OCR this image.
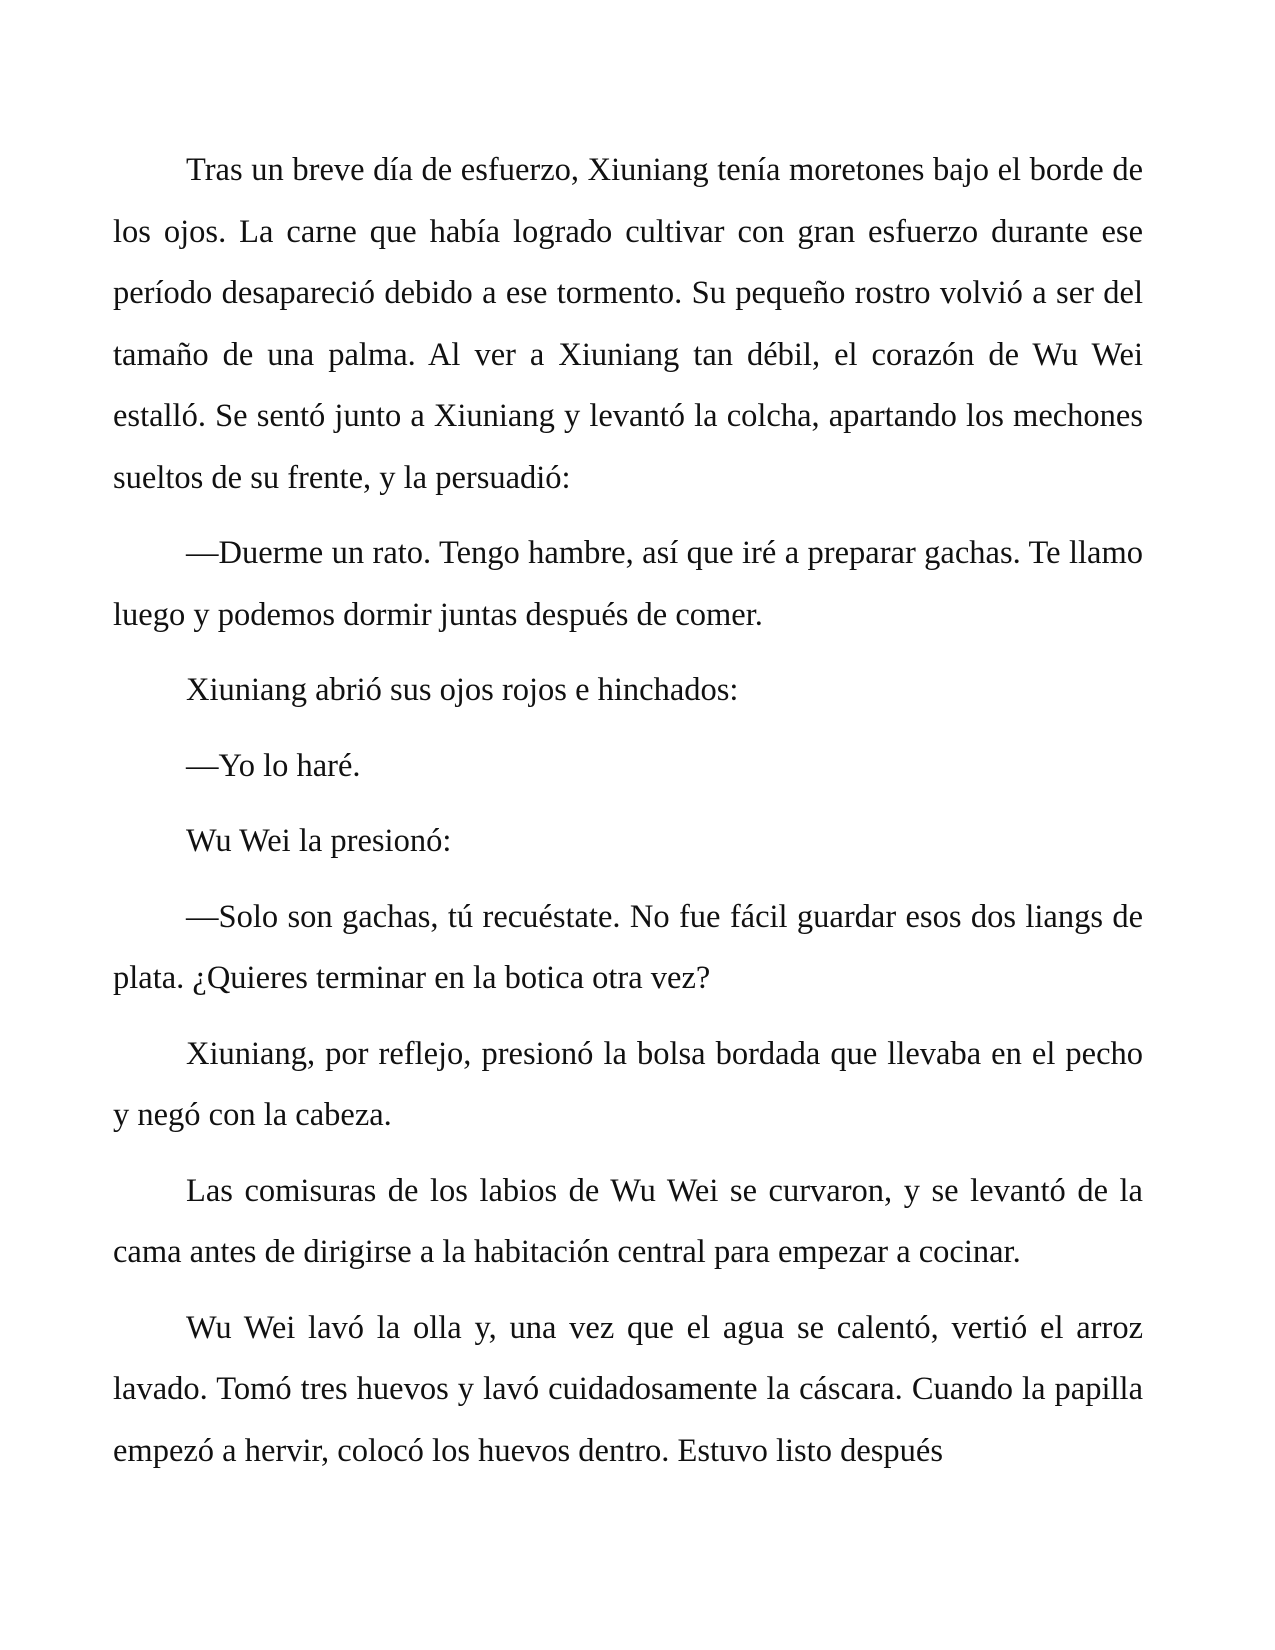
Tras un breve día de esfuerzo, Xiuniang tenía moretones bajo el borde de los ojos. La carne que había logrado cultivar con gran esfuerzo durante ese período desapareció debido a ese tormento. Su pequeño rostro volvió a ser del tamaño de una palma. Al ver a Xiuniang tan débil, el corazón de Wu Wei estalló. Se sentó junto a Xiuniang y levantó la colcha, apartando los mechones sueltos de su frente, y la persuadió:

—Duerme un rato. Tengo hambre, así que iré a preparar gachas. Te llamo luego y podemos dormir juntas después de comer.

Xiuniang abrió sus ojos rojos e hinchados:

—Yo lo haré.

Wu Wei la presionó:

—Solo son gachas, tú recuéstate. No fue fácil guardar esos dos liangs de plata. ¿Quieres terminar en la botica otra vez?

Xiuniang, por reflejo, presionó la bolsa bordada que llevaba en el pecho y negó con la cabeza.

Las comisuras de los labios de Wu Wei se curvaron, y se levantó de la cama antes de dirigirse a la habitación central para empezar a cocinar.

Wu Wei lavó la olla y, una vez que el agua se calentó, vertió el arroz lavado. Tomó tres huevos y lavó cuidadosamente la cáscara. Cuando la papilla empezó a hervir, colocó los huevos dentro. Estuvo listo después
